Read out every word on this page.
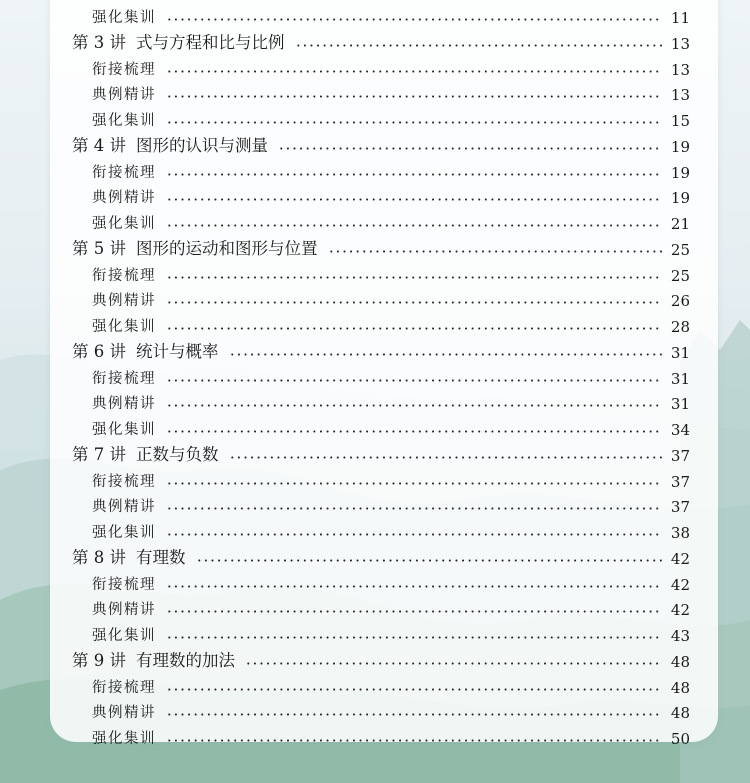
强化集训	11
第 3 讲 式与方程和比与比例	13
衔接梳理	13
典例精讲	13
强化集训	15
第 4 讲 图形的认识与测量	19
衔接梳理	19
典例精讲	19
强化集训	21
第 5 讲 图形的运动和图形与位置	25
衔接梳理	25
典例精讲	26
强化集训	28
第 6 讲 统计与概率	31
衔接梳理	31
典例精讲	31
强化集训	34
第 7 讲 正数与负数	37
衔接梳理	37
典例精讲	37
强化集训	38
第 8 讲 有理数	42
衔接梳理	42
典例精讲	42
强化集训	43
第 9 讲 有理数的加法	48
衔接梳理	48
典例精讲	48
强化集训	50
